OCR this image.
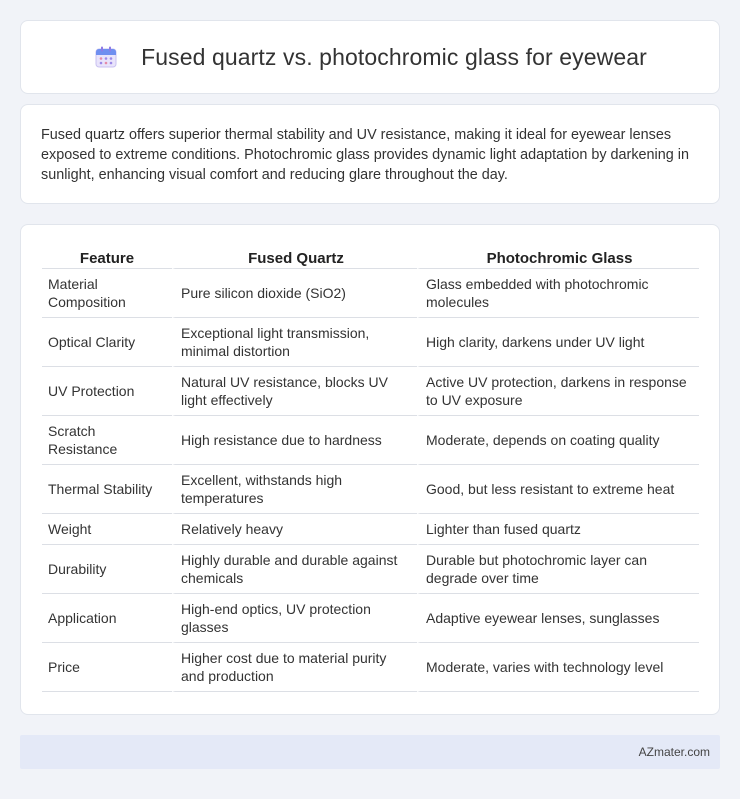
Fused quartz vs. photochromic glass for eyewear

Fused quartz offers superior thermal stability and UV resistance, making it ideal for eyewear lenses exposed to extreme conditions. Photochromic glass provides dynamic light adaptation by darkening in sunlight, enhancing visual comfort and reducing glare throughout the day.

Feature	Fused Quartz	Photochromic Glass
Material Composition	Pure silicon dioxide (SiO2)	Glass embedded with photochromic molecules
Optical Clarity	Exceptional light transmission, minimal distortion	High clarity, darkens under UV light
UV Protection	Natural UV resistance, blocks UV light effectively	Active UV protection, darkens in response to UV exposure
Scratch Resistance	High resistance due to hardness	Moderate, depends on coating quality
Thermal Stability	Excellent, withstands high temperatures	Good, but less resistant to extreme heat
Weight	Relatively heavy	Lighter than fused quartz
Durability	Highly durable and durable against chemicals	Durable but photochromic layer can degrade over time
Application	High-end optics, UV protection glasses	Adaptive eyewear lenses, sunglasses
Price	Higher cost due to material purity and production	Moderate, varies with technology level
AZmater.com
